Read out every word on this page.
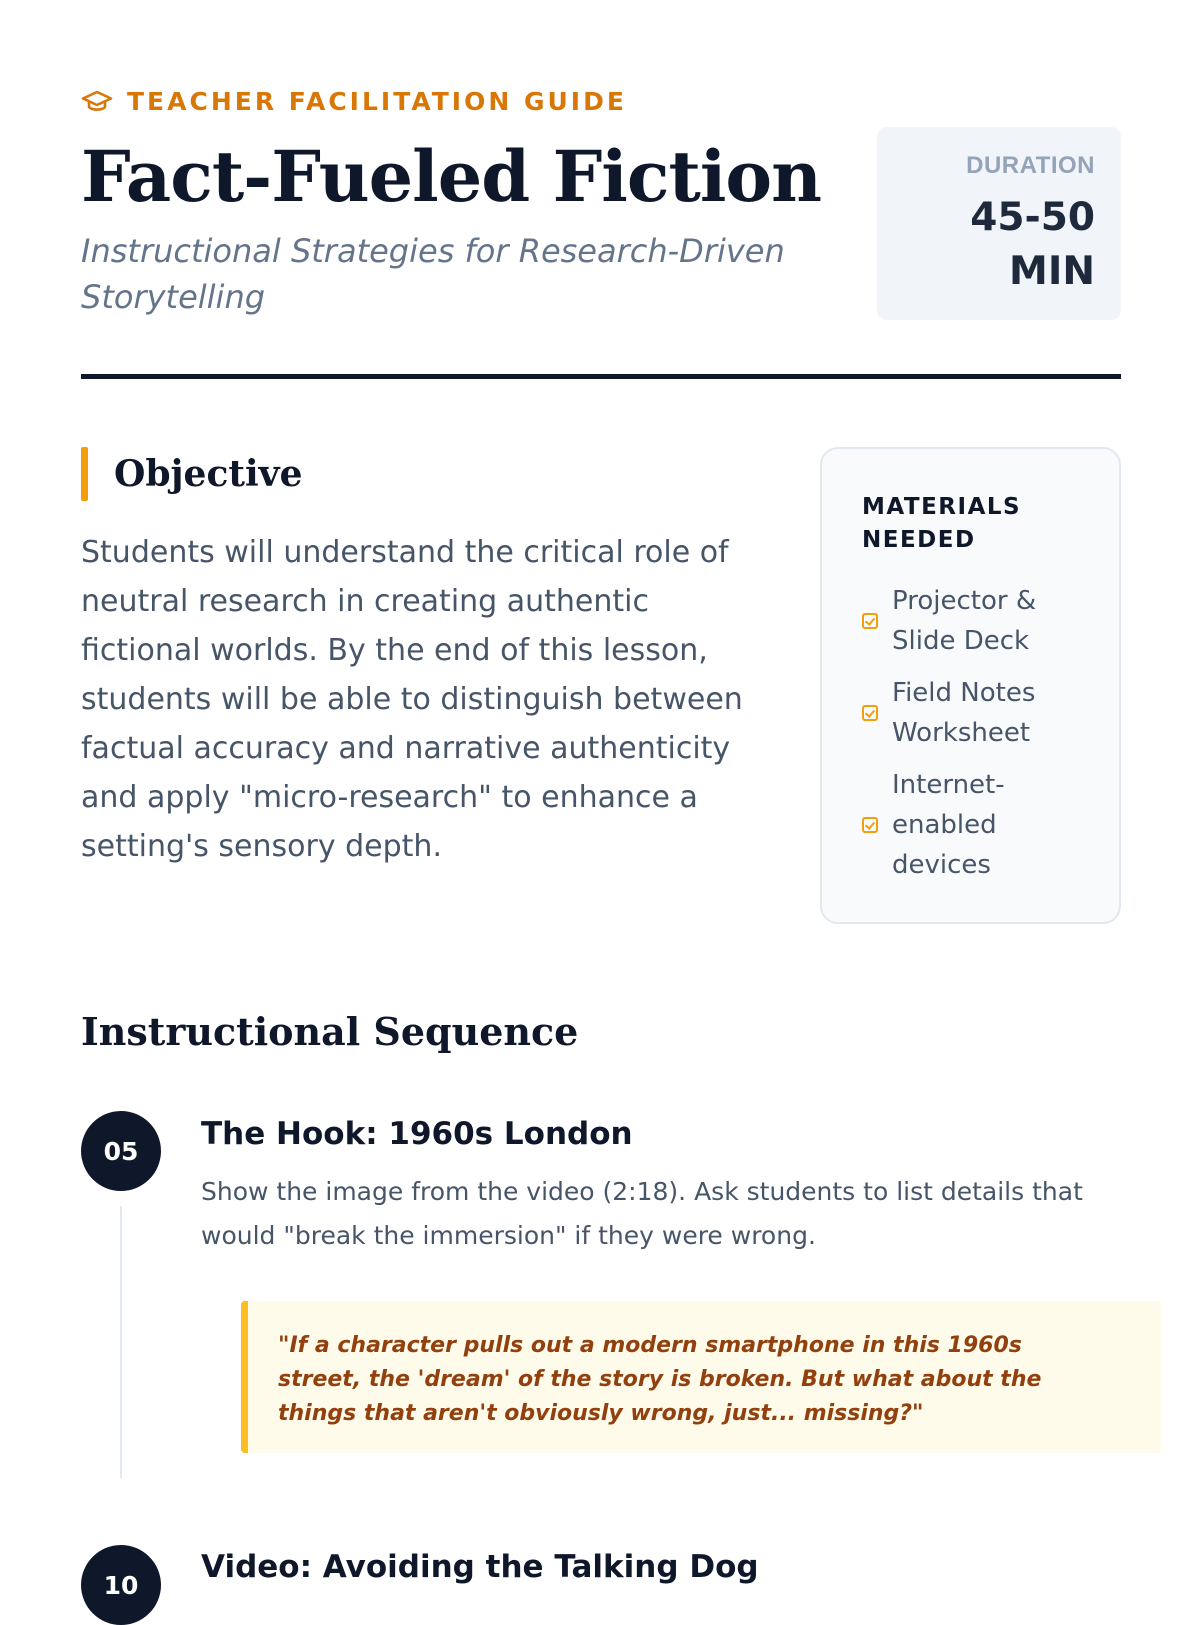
TEACHER FACILITATION GUIDE
Fact-Fueled Fiction

Instructional Strategies for Research-Driven Storytelling

DURATION
45-50
MIN
Objective

Students will understand the critical role of neutral research in creating authentic fictional worlds. By the end of this lesson, students will be able to distinguish between factual accuracy and narrative authenticity and apply "micro-research" to enhance a setting's sensory depth.

MATERIALS NEEDED
Projector & Slide Deck
Field Notes Worksheet
Internet-enabled devices
Instructional Sequence
05	The Hook: 1960s London

Show the image from the video (2:18). Ask students to list details that would "break the immersion" if they were wrong.

"If a character pulls out a modern smartphone in this 1960s street, the 'dream' of the story is broken. But what about the things that aren't obviously wrong, just... missing?"

10	Video: Avoiding the Talking Dog
